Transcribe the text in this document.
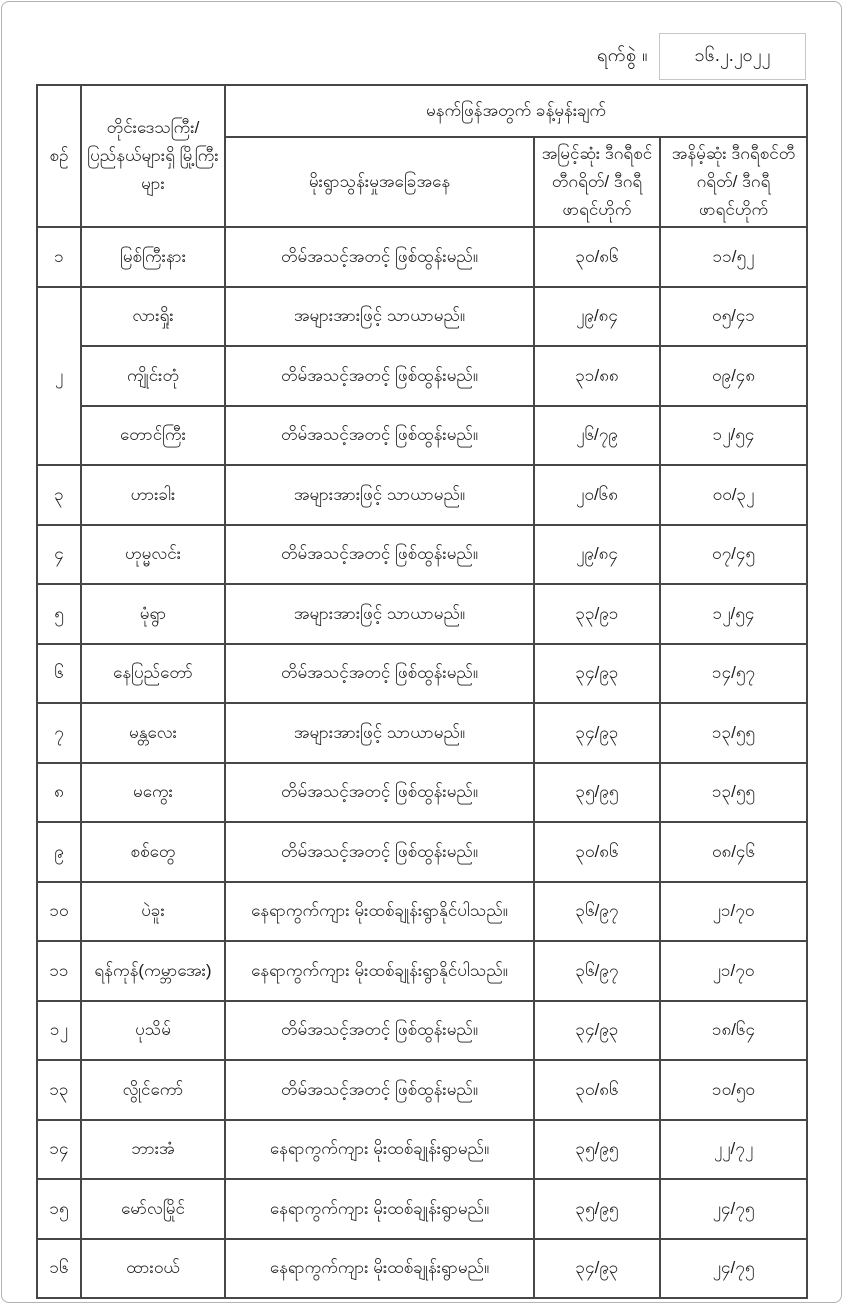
ရက်စွဲ ။	၁၆.၂.၂၀၂၂
စဉ်	တိုင်းဒေသကြီး/ ပြည်နယ်များရှိ မြို့ကြီးများ	မနက်ဖြန်အတွက် ခန့်မှန်းချက်		
		မိုးရွာသွန်းမှုအခြေအနေ	အမြင့်ဆုံး ဒီဂရီစင်တီဂရိတ်/ ဒီဂရီဖာရင်ဟိုက်	အနိမ့်ဆုံး ဒီဂရီစင်တီဂရိတ်/ ဒီဂရီဖာရင်ဟိုက်
၁	မြစ်ကြီးနား	တိမ်အသင့်အတင့် ဖြစ်ထွန်းမည်။	၃၀/၈၆	၁၁/၅၂
၂	လားရှိုး	အများအားဖြင့် သာယာမည်။	၂၉/၈၄	၀၅/၄၁
	ကျိုင်းတုံ	တိမ်အသင့်အတင့် ဖြစ်ထွန်းမည်။	၃၁/၈၈	၀၉/၄၈
	တောင်ကြီး	တိမ်အသင့်အတင့် ဖြစ်ထွန်းမည်။	၂၆/၇၉	၁၂/၅၄
၃	ဟားခါး	အများအားဖြင့် သာယာမည်။	၂၀/၆၈	၀၀/၃၂
၄	ဟုမ္မလင်း	တိမ်အသင့်အတင့် ဖြစ်ထွန်းမည်။	၂၉/၈၄	၀၇/၄၅
၅	မုံရွာ	အများအားဖြင့် သာယာမည်။	၃၃/၉၁	၁၂/၅၄
၆	နေပြည်တော်	တိမ်အသင့်အတင့် ဖြစ်ထွန်းမည်။	၃၄/၉၃	၁၄/၅၇
၇	မန္တလေး	အများအားဖြင့် သာယာမည်။	၃၄/၉၃	၁၃/၅၅
၈	မကွေး	တိမ်အသင့်အတင့် ဖြစ်ထွန်းမည်။	၃၅/၉၅	၁၃/၅၅
၉	စစ်တွေ	တိမ်အသင့်အတင့် ဖြစ်ထွန်းမည်။	၃၀/၈၆	၀၈/၄၆
၁၀	ပဲခူး	နေရာကွက်ကျား မိုးထစ်ချုန်းရွာနိုင်ပါသည်။	၃၆/၉၇	၂၁/၇၀
၁၁	ရန်ကုန်(ကမ္ဘာအေး)	နေရာကွက်ကျား မိုးထစ်ချုန်းရွာနိုင်ပါသည်။	၃၆/၉၇	၂၁/၇၀
၁၂	ပုသိမ်	တိမ်အသင့်အတင့် ဖြစ်ထွန်းမည်။	၃၄/၉၃	၁၈/၆၄
၁၃	လွိုင်ကော်	တိမ်အသင့်အတင့် ဖြစ်ထွန်းမည်။	၃၀/၈၆	၁၀/၅၀
၁၄	ဘားအံ	နေရာကွက်ကျား မိုးထစ်ချုန်းရွာမည်။	၃၅/၉၅	၂၂/၇၂
၁၅	မော်လမြိုင်	နေရာကွက်ကျား မိုးထစ်ချုန်းရွာမည်။	၃၅/၉၅	၂၄/၇၅
၁၆	ထားဝယ်	နေရာကွက်ကျား မိုးထစ်ချုန်းရွာမည်။	၃၄/၉၃	၂၄/၇၅
